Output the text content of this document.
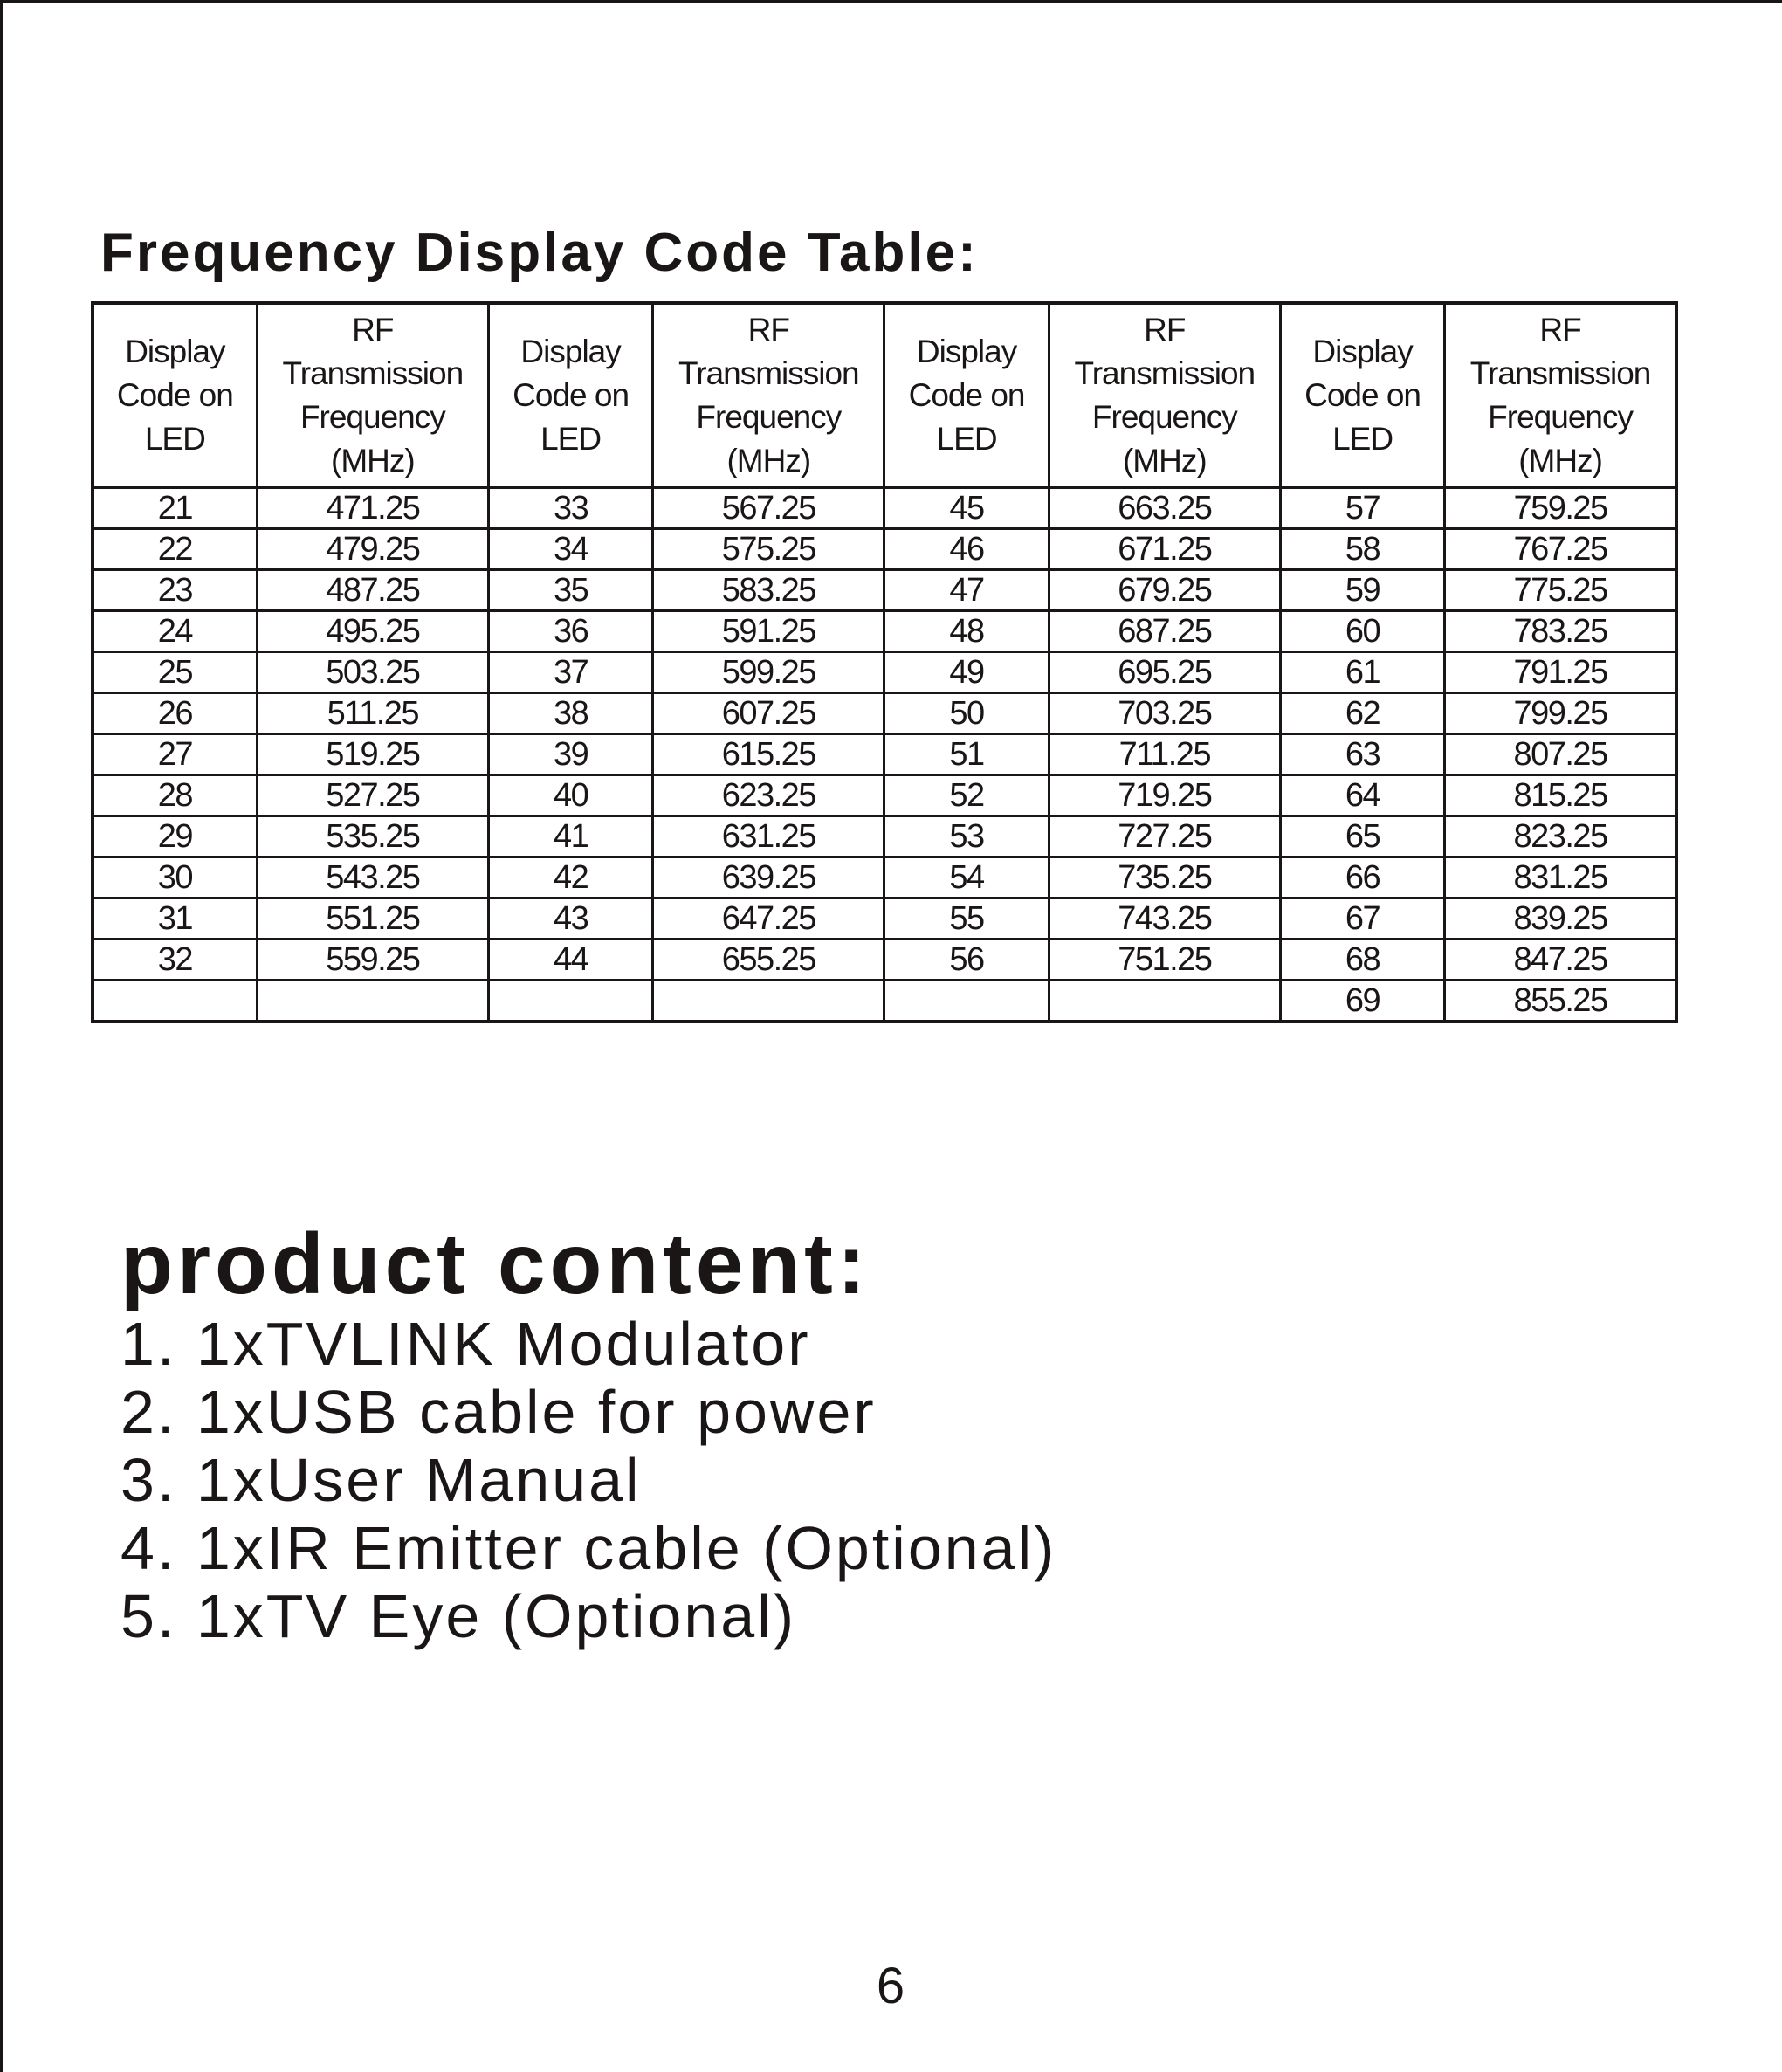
Frequency Display Code Table:
Display
Code on
LED	RF
Transmission
Frequency
(MHz)	Display
Code on
LED	RF
Transmission
Frequency
(MHz)	Display
Code on
LED	RF
Transmission
Frequency
(MHz)	Display
Code on
LED	RF
Transmission
Frequency
(MHz)

21	471.25	33	567.25	45	663.25	57	759.25
22	479.25	34	575.25	46	671.25	58	767.25
23	487.25	35	583.25	47	679.25	59	775.25
24	495.25	36	591.25	48	687.25	60	783.25
25	503.25	37	599.25	49	695.25	61	791.25
26	511.25	38	607.25	50	703.25	62	799.25
27	519.25	39	615.25	51	711.25	63	807.25
28	527.25	40	623.25	52	719.25	64	815.25
29	535.25	41	631.25	53	727.25	65	823.25
30	543.25	42	639.25	54	735.25	66	831.25
31	551.25	43	647.25	55	743.25	67	839.25
32	559.25	44	655.25	56	751.25	68	847.25
						69	855.25
product content:
1. 1xTVLINK Modulator
2. 1xUSB cable for power
3. 1xUser Manual
4. 1xIR Emitter cable (Optional)
5. 1xTV Eye (Optional)
6
